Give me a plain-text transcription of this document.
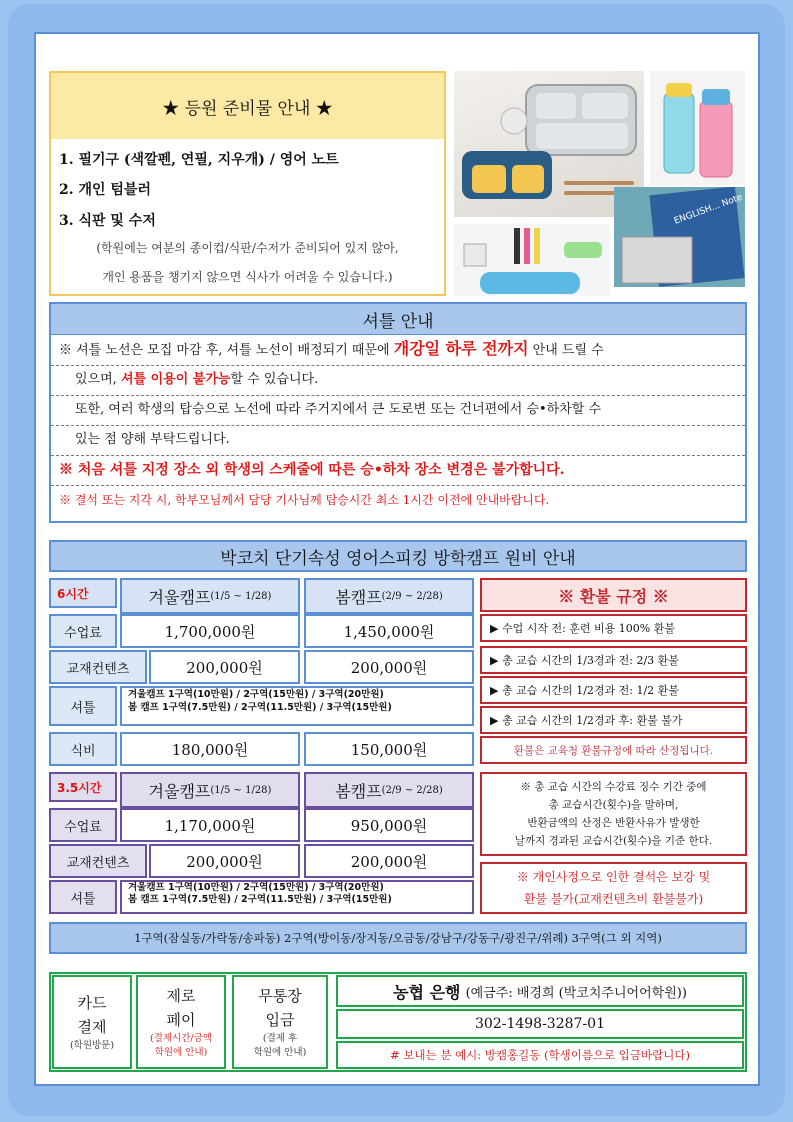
★ 등원 준비물 안내 ★
1. 필기구 (색깔펜, 연필, 지우개) / 영어 노트
2. 개인 텀블러
3. 식판 및 수저
(학원에는 여분의 종이컵/식판/수저가 준비되어 있지 않아,
개인 용품을 챙기지 않으면 식사가 어려울 수 있습니다.)
ENGLISH... Note
셔틀 안내
※ 셔틀 노선은 모집 마감 후, 셔틀 노선이 배정되기 때문에 개강일 하루 전까지 안내 드릴 수
있으며, 셔틀 이용이 불가능할 수 있습니다.
또한, 여러 학생의 탑승으로 노선에 따라 주거지에서 큰 도로변 또는 건너편에서 승•하차할 수
있는 점 양해 부탁드립니다.
※ 처음 셔틀 지정 장소 외 학생의 스케줄에 따른 승•하차 장소 변경은 불가합니다.
※ 결석 또는 지각 시, 학부모님께서 담당 기사님께 탑승시간 최소 1시간 이전에 안내바랍니다.
박코치 단기속성 영어스피킹 방학캠프 원비 안내
6시간	겨울캠프 (1/5 ~ 1/28)	봄캠프 (2/9 ~ 2/28)
수업료	1,700,000원	1,450,000원
교재컨텐츠	200,000원	200,000원
셔틀
겨울캠프 1구역(10만원) / 2구역(15만원) / 3구역(20만원)
봄 캠프 1구역(7.5만원) / 2구역(11.5만원) / 3구역(15만원)
식비	180,000원	150,000원
3.5시간	겨울캠프 (1/5 ~ 1/28)	봄캠프 (2/9 ~ 2/28)
수업료	1,170,000원	950,000원
교재컨텐츠	200,000원	200,000원
셔틀
겨울캠프 1구역(10만원) / 2구역(15만원) / 3구역(20만원)
봄 캠프 1구역(7.5만원) / 2구역(11.5만원) / 3구역(15만원)
※ 환불 규정 ※
▶ 수업 시작 전: 훈련 비용 100% 환불
▶ 총 교습 시간의 1/3경과 전: 2/3 환불
▶ 총 교습 시간의 1/2경과 전: 1/2 환불
▶ 총 교습 시간의 1/2경과 후: 환불 불가
환불은 교육청 환불규정에 따라 산정됩니다.
※ 총 교습 시간의 수강료 징수 기간 중에
총 교습시간(횟수)을 말하며,
반환금액의 산정은 반환사유가 발생한
날까지 경과된 교습시간(횟수)을 기준 한다.
※ 개인사정으로 인한 결석은 보강 및
환불 불가(교재컨텐츠비 환불불가)
1구역(잠실동/가락동/송파동) 2구역(방이동/장지동/오금동/강남구/강동구/광진구/위례) 3구역(그 외 지역)
카드
결제
(학원방문)
제로
페이
(결제시간/금액
학원에 안내)
무통장
입금
(결제 후
학원에 안내)
농협 은행
(예금주: 배경희 (박코치주니어어학원))
302-1498-3287-01
# 보내는 분 예시: 방캠홍길동 (학생이름으로 입금바랍니다)
